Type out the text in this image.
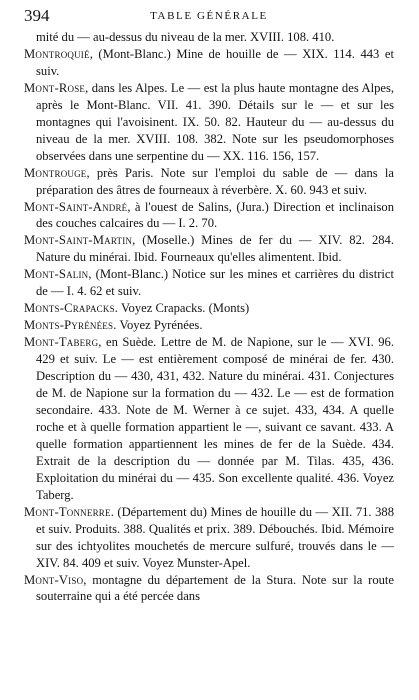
394	TABLE GÉNÉRALE

mité du — au-dessus du niveau de la mer. XVIII. 108. 410.

Montroquié, (Mont-Blanc.) Mine de houille de — XIX. 114. 443 et suiv.

Mont-Rose, dans les Alpes. Le — est la plus haute montagne des Alpes, après le Mont-Blanc. VII. 41. 390. Détails sur le — et sur les montagnes qui l'avoisinent. IX. 50. 82. Hauteur du — au-dessus du niveau de la mer. XVIII. 108. 382. Note sur les pseudomorphoses observées dans une serpentine du — XX. 116. 156, 157.

Montrouge, près Paris. Note sur l'emploi du sable de — dans la préparation des âtres de fourneaux à réverbère. X. 60. 943 et suiv.

Mont-Saint-André, à l'ouest de Salins, (Jura.) Direction et inclinaison des couches calcaires du — I. 2. 70.

Mont-Saint-Martin, (Moselle.) Mines de fer du — XIV. 82. 284. Nature du minérai. Ibid. Fourneaux qu'elles alimentent. Ibid.

Mont-Salin, (Mont-Blanc.) Notice sur les mines et carrières du district de — I. 4. 62 et suiv.

Monts-Crapacks. Voyez Crapacks. (Monts)

Monts-Pyrénées. Voyez Pyrénées.

Mont-Taberg, en Suède. Lettre de M. de Napione, sur le — XVI. 96. 429 et suiv. Le — est entièrement composé de minérai de fer. 430. Description du — 430, 431, 432. Nature du minérai. 431. Conjectures de M. de Napione sur la formation du — 432. Le — est de formation secondaire. 433. Note de M. Werner à ce sujet. 433, 434. A quelle roche et à quelle formation appartient le —, suivant ce savant. 433. A quelle formation appartiennent les mines de fer de la Suède. 434. Extrait de la description du — donnée par M. Tilas. 435, 436. Exploitation du minérai du — 435. Son excellente qualité. 436. Voyez Taberg.

Mont-Tonnerre. (Département du) Mines de houille du — XII. 71. 388 et suiv. Produits. 388. Qualités et prix. 389. Débouchés. Ibid. Mémoire sur des ichtyolites mouchetés de mercure sulfuré, trouvés dans le — XIV. 84. 409 et suiv. Voyez Munster-Apel.

Mont-Viso, montagne du département de la Stura. Note sur la route souterraine qui a été percée dans
